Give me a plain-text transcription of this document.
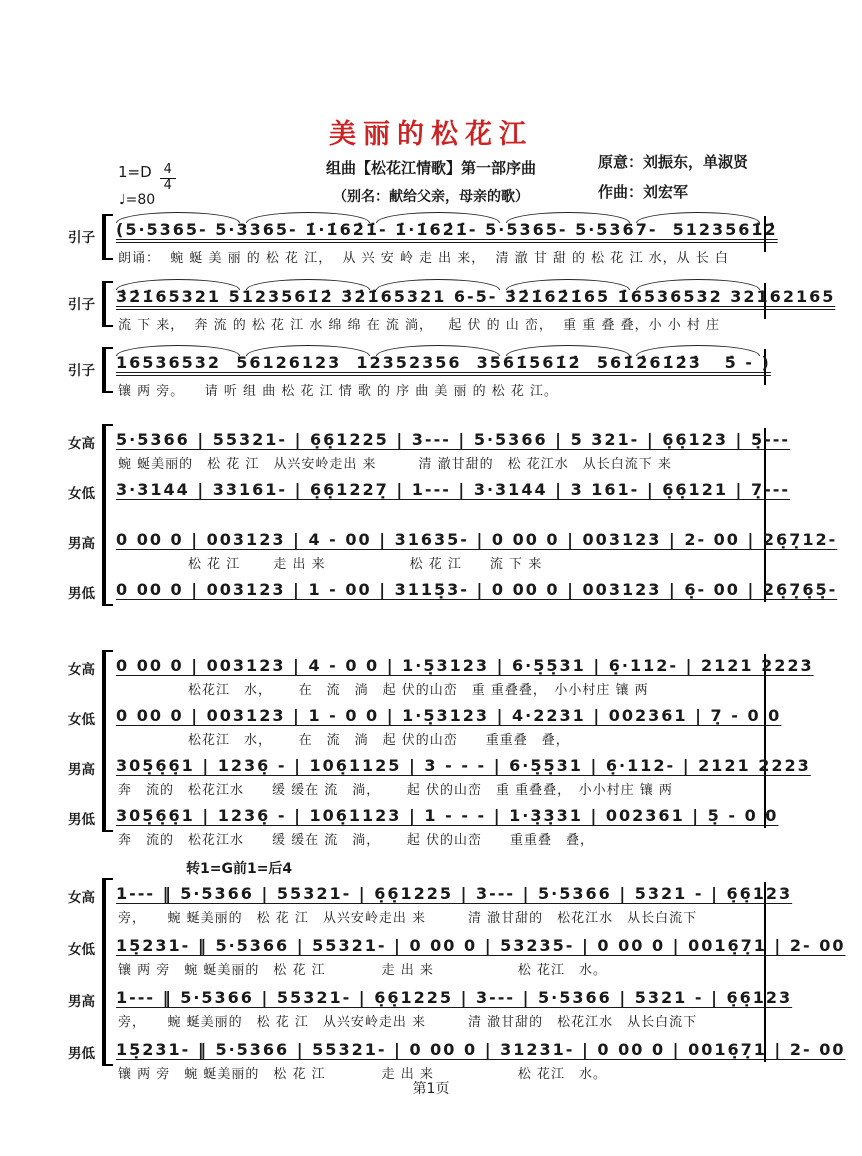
美丽的松花江
组曲【松花江情歌】第一部序曲
（别名：献给父亲，母亲的歌）
原意：刘振东，单淑贤
作曲：刘宏军
$1=D \frac{4}{4}$
♩=80
引子	(5·5365- 5·3365- 1̇·1̇62̇1̇- 1̇·1̇62̇1̇- 5·5365- 5·5367-  5123561̇2̇
朗诵：  蜿 蜒 美 丽 的 松 花 江，  从 兴 安 岭 走 出 来，  清 澈 甘 甜 的 松 花 江 水，从 长 白
引子	3̇2̇1̇65321 5123561̇2̇ 3̇2̇1̇65321 6-5- 3̇2̇1̇62̇1̇65 1̇6536532 32162165
流 下 来，  奔 流 的 松 花 江 水 绵 绵 在 流 淌，   起 伏 的 山 峦，  重 重 叠 叠，小 小 村 庄
引子	16536532  56126123  12352356  3561̇561̇2̇  561̇2̇61̇2̇3̇   5̇ - )
镶 两 旁。    请 听 组 曲 松 花 江 情 歌 的 序 曲 美 丽 的 松 花 江。
女高	5·5366 | 55321- | 6̣6̣1225 | 3--- | 5·5366 | 5 321- | 6̣6̣123 | 5̣---
蜿 蜒美丽的　松 花 江　从兴安岭走出 来　　　清 澈甘甜的　松 花江水　从长白流下 来
女低	3·3144 | 33161- | 6̣6̣1227̣ | 1--- | 3·3144 | 3 161- | 6̣6̣121 | 7̣---
男高	0 00 0 | 003123 | 4 - 00 | 31635- | 0 00 0 | 003123 | 2- 00 | 26̣7̣12-
　　　　　松 花 江　　 走 出 来　　　　　　松 花 江　　流 下 来
男低	0 00 0 | 003123 | 1 - 00 | 3115̣3- | 0 00 0 | 003123 | 6̣- 00 | 26̣7̣6̣5̣-
女高	0 00 0 | 003123 | 4 - 0 0 | 1·5̣3123 | 6·5̣5̣31 | 6̣·112- | 2121 2223
　　　　　松花江　水，　　 在　流　淌　起 伏的山峦　重 重叠叠，　小小村庄 镶 两
女低	0 00 0 | 003123 | 1 - 0 0 | 1·5̣3123 | 4·2231 | 002361 | 7̣ - 0 0
　　　　　松花江　水，　　 在　流　淌　起 伏的山峦　　重重叠　叠，
男高	305̣6̣6̣1 | 1236̣ - | 106̣1125 | 3 - - - | 6·5̣5̣31 | 6̣·112- | 2121 2223
奔　流的　松花江水　　缓 缓在 流　淌，　　 起 伏的山峦　重 重叠叠，　小小村庄 镶 两
男低	305̣6̣6̣1 | 1236̣ - | 106̣1123 | 1 - - - | 1·3̣3̣31 | 002361 | 5̣ - 0 0
奔　流的　松花江水　　缓 缓在 流　淌，　　 起 伏的山峦　　重重叠　叠，
转1=G前1=后4
女高	1--- ‖ 5·5366 | 55321- | 6̣6̣1225 | 3--- | 5·5366 | 5321 - | 6̣6̣123
旁，　　蜿 蜒美丽的　松 花 江　从兴安岭走出 来　　　清 澈甘甜的　松花江水　从长白流下
女低	15̣231- ‖ 5·5366 | 55321- | 0 00 0 | 53235- | 0 00 0 | 0016̣7̣1 | 2- 00
镶 两 旁　蜿 蜒美丽的　松 花 江　　　　走 出 来　　　　　　松 花江　水。
男高	1--- ‖ 5·5366 | 55321- | 6̣6̣1225 | 3--- | 5·5366 | 5321 - | 6̣6̣123
旁，　　蜿 蜒美丽的　松 花 江　从兴安岭走出 来　　　清 澈甘甜的　松花江水　从长白流下
男低	15̣231- ‖ 5·5366 | 55321- | 0 00 0 | 31231- | 0 00 0 | 0016̣7̣1 | 2- 00
镶 两 旁　蜿 蜒美丽的　松 花 江　　　　走 出 来　　　　　　松 花江　水。
第1页
